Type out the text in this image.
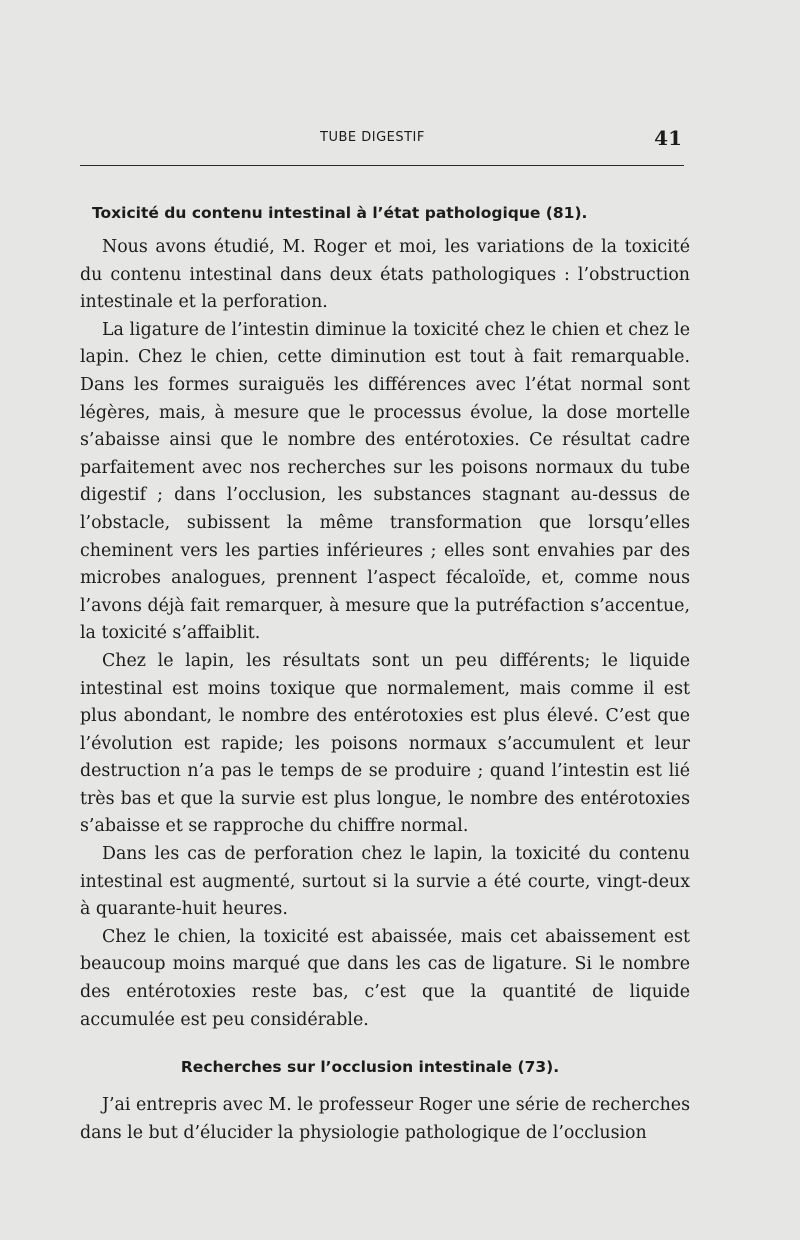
TUBE DIGESTIF	41
Toxicité du contenu intestinal à l’état pathologique (81).

Nous avons étudié, M. Roger et moi, les variations de la toxicité du contenu intestinal dans deux états pathologiques : l’obstruction intestinale et la perforation.

La ligature de l’intestin diminue la toxicité chez le chien et chez le lapin. Chez le chien, cette diminution est tout à fait remarquable. Dans les formes suraiguës les différences avec l’état normal sont légères, mais, à mesure que le processus évolue, la dose mortelle s’abaisse ainsi que le nombre des entérotoxies. Ce résultat cadre parfaitement avec nos recherches sur les poisons normaux du tube digestif ; dans l’occlusion, les substances stagnant au-dessus de l’obstacle, subissent la même transformation que lorsqu’elles cheminent vers les parties inférieures ; elles sont envahies par des microbes analogues, prennent l’aspect fécaloïde, et, comme nous l’avons déjà fait remarquer, à mesure que la putréfaction s’accentue, la toxicité s’affaiblit.

Chez le lapin, les résultats sont un peu différents; le liquide intestinal est moins toxique que normalement, mais comme il est plus abondant, le nombre des entérotoxies est plus élevé. C’est que l’évolution est rapide; les poisons normaux s’accumulent et leur destruction n’a pas le temps de se produire ; quand l’intestin est lié très bas et que la survie est plus longue, le nombre des entérotoxies s’abaisse et se rapproche du chiffre normal.

Dans les cas de perforation chez le lapin, la toxicité du contenu intestinal est augmenté, surtout si la survie a été courte, vingt-deux à quarante-huit heures.

Chez le chien, la toxicité est abaissée, mais cet abaissement est beaucoup moins marqué que dans les cas de ligature. Si le nombre des entérotoxies reste bas, c’est que la quantité de liquide accumulée est peu considérable.

Recherches sur l’occlusion intestinale (73).

J’ai entrepris avec M. le professeur Roger une série de recherches dans le but d’élucider la physiologie pathologique de l’occlusion
